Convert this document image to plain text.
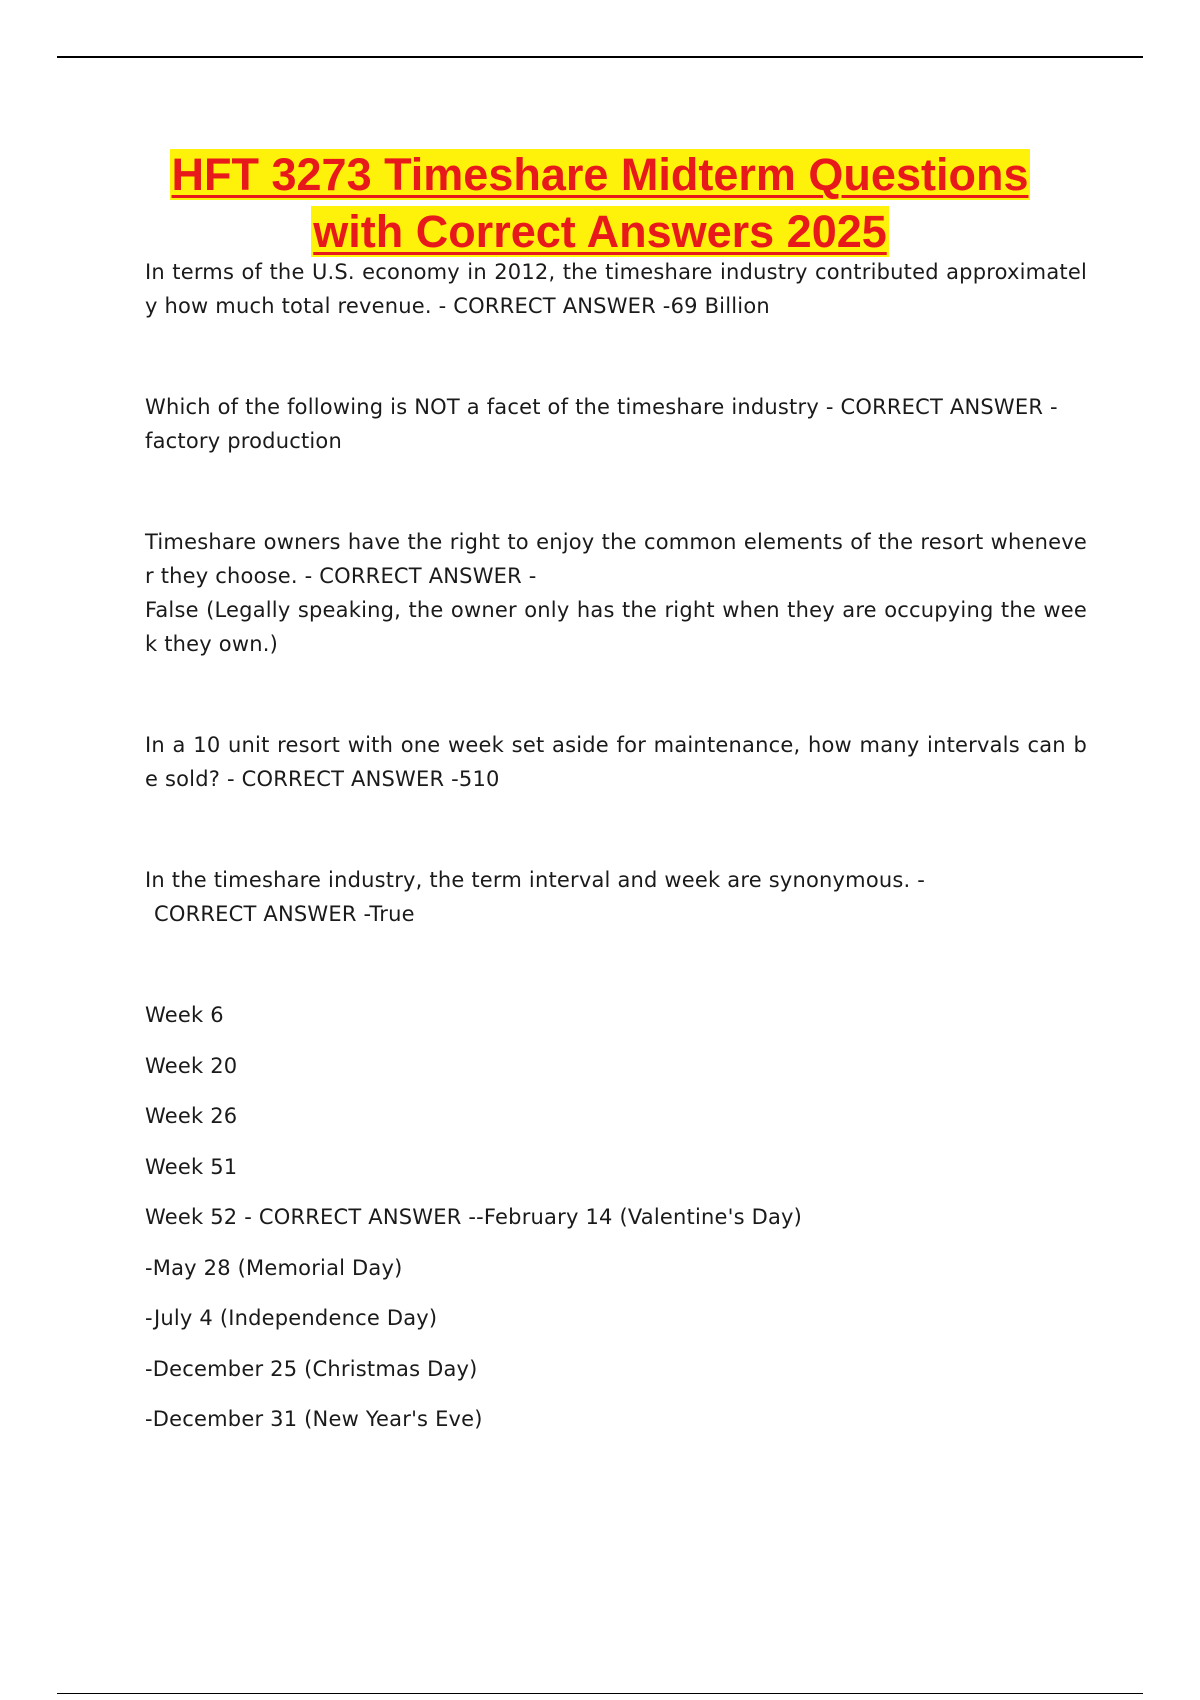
HFT 3273 Timeshare Midterm Questions
with Correct Answers 2025

In terms of the U.S. economy in 2012, the timeshare industry contributed approximately how much total revenue. - CORRECT ANSWER -69 Billion

Which of the following is NOT a facet of the timeshare industry - CORRECT ANSWER -
factory production

Timeshare owners have the right to enjoy the common elements of the resort whenever they choose. - CORRECT ANSWER -
False (Legally speaking, the owner only has the right when they are occupying the week they own.)

In a 10 unit resort with one week set aside for maintenance, how many intervals can be sold? - CORRECT ANSWER -510

In the timeshare industry, the term interval and week are synonymous. -
CORRECT ANSWER -True

Week 6
Week 20
Week 26
Week 51
Week 52 - CORRECT ANSWER --February 14 (Valentine's Day)
-May 28 (Memorial Day)
-July 4 (Independence Day)
-December 25 (Christmas Day)
-December 31 (New Year's Eve)
